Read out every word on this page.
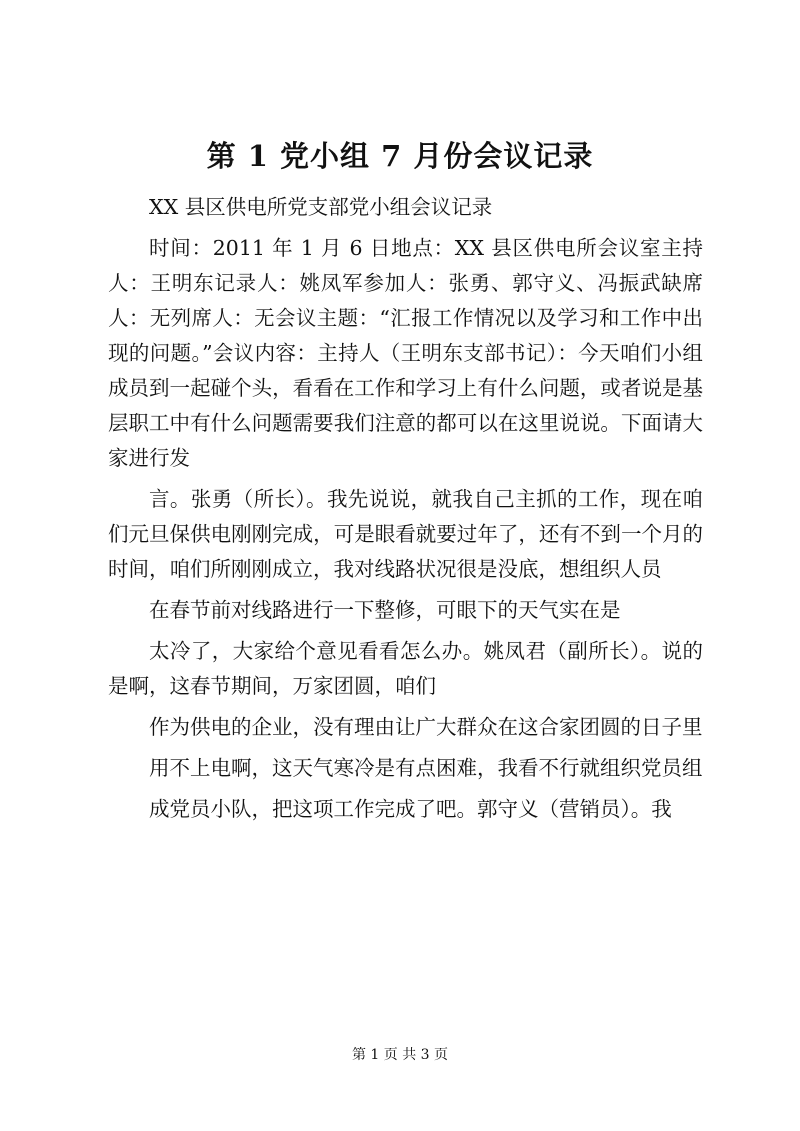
第 1 党小组 7 月份会议记录

XX 县区供电所党支部党小组会议记录

时间：2011 年 1 月 6 日地点：XX 县区供电所会议室主持人：王明东记录人：姚凤军参加人：张勇、郭守义、冯振武缺席人：无列席人：无会议主题：“汇报工作情况以及学习和工作中出现的问题。”会议内容：主持人（王明东支部书记）：今天咱们小组成员到一起碰个头，看看在工作和学习上有什么问题，或者说是基层职工中有什么问题需要我们注意的都可以在这里说说。下面请大家进行发

言。张勇（所长）。我先说说，就我自己主抓的工作，现在咱们元旦保供电刚刚完成，可是眼看就要过年了，还有不到一个月的时间，咱们所刚刚成立，我对线路状况很是没底，想组织人员

在春节前对线路进行一下整修，可眼下的天气实在是

太冷了，大家给个意见看看怎么办。姚凤君（副所长）。说的是啊，这春节期间，万家团圆，咱们

作为供电的企业，没有理由让广大群众在这合家团圆的日子里

用不上电啊，这天气寒冷是有点困难，我看不行就组织党员组

成党员小队，把这项工作完成了吧。郭守义（营销员）。我

第 1 页 共 3 页
